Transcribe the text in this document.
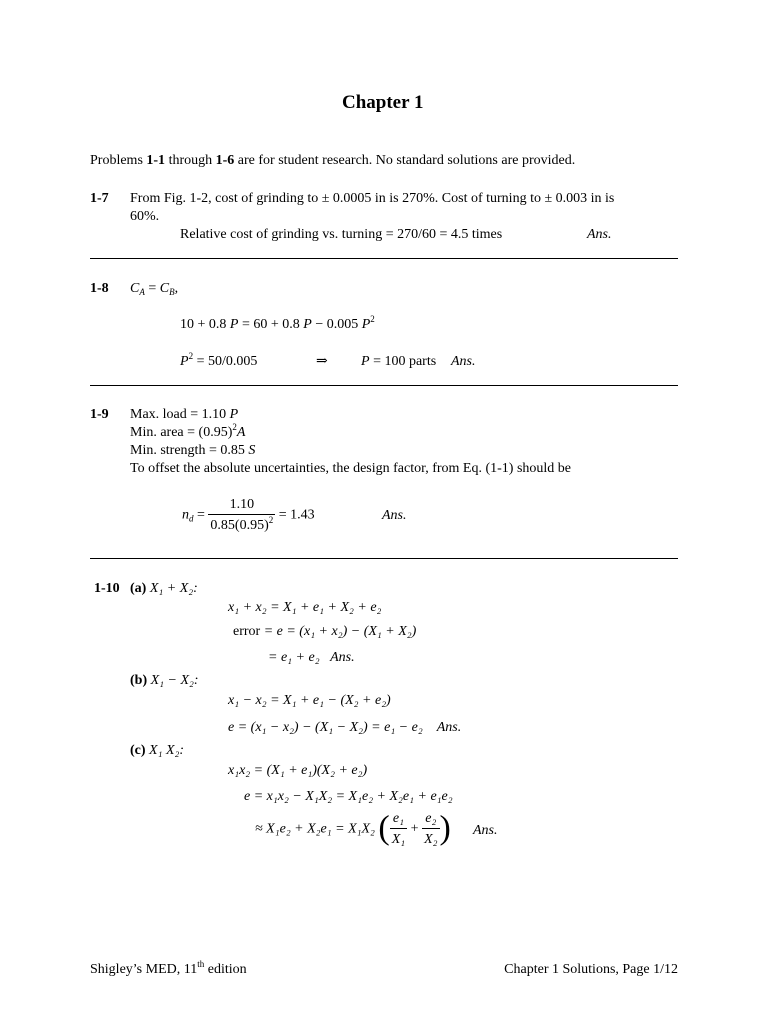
Chapter 1
Problems 1-1 through 1-6 are for student research. No standard solutions are provided.
1-7 From Fig. 1-2, cost of grinding to ± 0.0005 in is 270%. Cost of turning to ± 0.003 in is
60%.
Relative cost of grinding vs. turning = 270/60 = 4.5 times	Ans.
1-8 $C_A = C_B$,
10 + 0.8 P = 60 + 0.8 P − 0.005 $P^2$
$P^2 = 50/0.005$	⇒ P = 100 parts Ans.
1-9 Max. load = 1.10 P
Min. area = $(0.95)^2A$
Min. strength = 0.85 S
To offset the absolute uncertainties, the design factor, from Eq. (1-1) should be
$n_d = \frac{1.10}{0.85(0.95)^2} = 1.43$	Ans.
1-10 (a) X₁ + X₂:
x₁ + x₂ = X₁ + e₁ + X₂ + e₂
error = e = (x₁ + x₂) − (X₁ + X₂)
= e₁ + e₂ Ans.
(b) X₁ − X₂:
x₁ − x₂ = X₁ + e₁ − (X₂ + e₂)
e = (x₁ − x₂) − (X₁ − X₂) = e₁ − e₂ Ans.
(c) X₁ X₂:
x₁x₂ = (X₁ + e₁)(X₂ + e₂)
e = x₁x₂ − X₁X₂ = X₁e₂ + X₂e₁ + e₁e₂
≈ X₁e₂ + X₂e₁ = X₁X₂ ( $\frac{\text{e₁}}{\text{X₁}} + \frac{\text{e₂}}{\text{X₂}}$ ) Ans.
Shigley’s MED, 11th edition	Chapter 1 Solutions, Page 1/12
